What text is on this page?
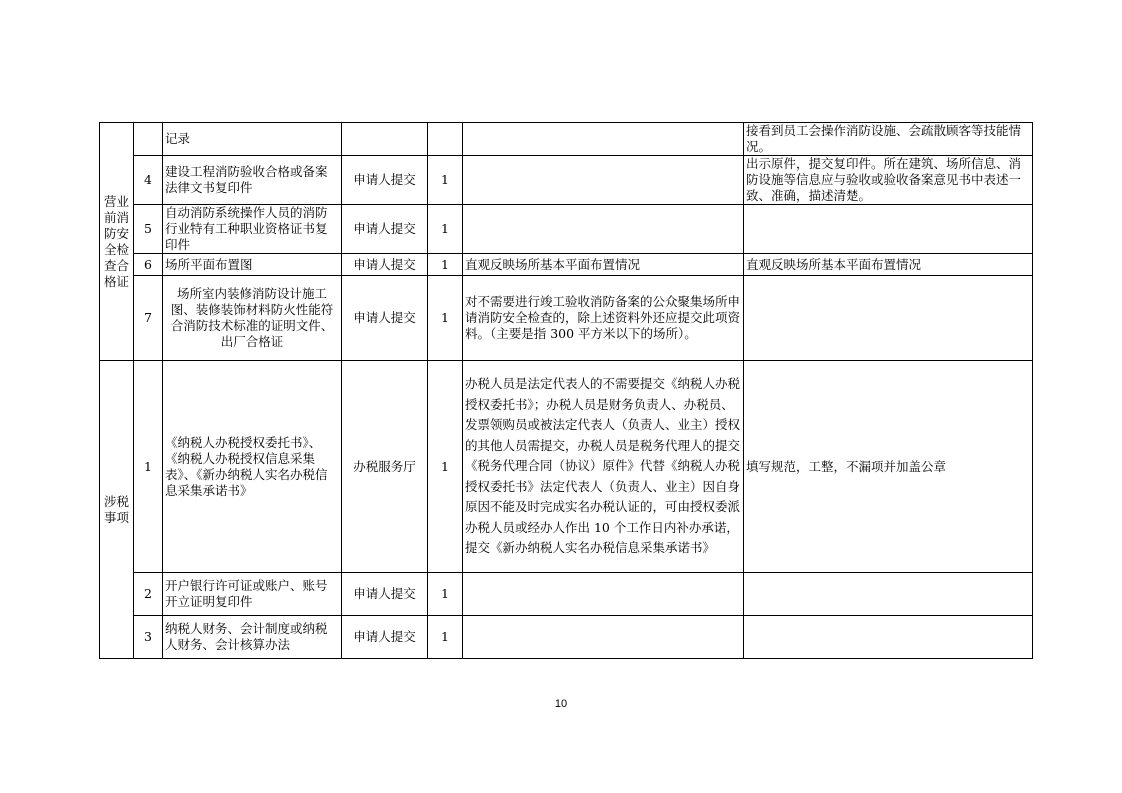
营业前消防安全检查合格证		记录				接看到员工会操作消防设施、会疏散顾客等技能情况。
	4	建设工程消防验收合格或备案法律文书复印件	申请人提交	1		出示原件，提交复印件。所在建筑、场所信息、消防设施等信息应与验收或验收备案意见书中表述一致、准确，描述清楚。
	5	自动消防系统操作人员的消防行业特有工种职业资格证书复印件	申请人提交	1		
	6	场所平面布置图	申请人提交	1	直观反映场所基本平面布置情况	直观反映场所基本平面布置情况
	7	场所室内装修消防设计施工图、装修装饰材料防火性能符合消防技术标准的证明文件、出厂合格证	申请人提交	1	对不需要进行竣工验收消防备案的公众聚集场所申请消防安全检查的，除上述资料外还应提交此项资料。（主要是指 300 平方米以下的场所）。	

涉税事项	1	《纳税人办税授权委托书》、《纳税人办税授权信息采集表》、《新办纳税人实名办税信息采集承诺书》	办税服务厅	1	办税人员是法定代表人的不需要提交《纳税人办税授权委托书》；办税人员是财务负责人、办税员、发票领购员或被法定代表人（负责人、业主）授权的其他人员需提交，办税人员是税务代理人的提交《税务代理合同（协议）原件》代替《纳税人办税授权委托书》法定代表人（负责人、业主）因自身原因不能及时完成实名办税认证的，可由授权委派办税人员或经办人作出 10 个工作日内补办承诺，提交《新办纳税人实名办税信息采集承诺书》	填写规范，工整，不漏项并加盖公章
	2	开户银行许可证或账户、账号开立证明复印件	申请人提交	1		
	3	纳税人财务、会计制度或纳税人财务、会计核算办法	申请人提交	1		
10
